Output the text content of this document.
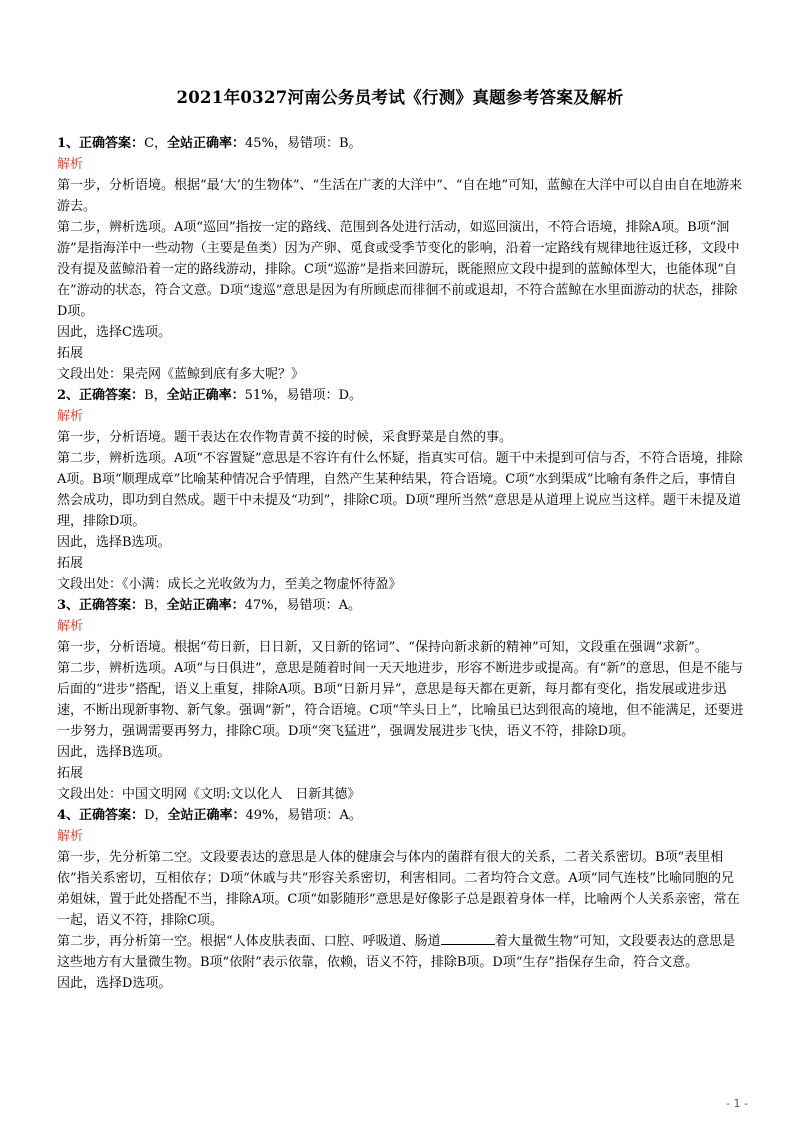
2021年0327河南公务员考试《行测》真题参考答案及解析

1、正确答案：C，全站正确率：45%，易错项：B。

解析

第一步，分析语境。根据“最‘大’的生物体”、“生活在广袤的大洋中”、“自在地”可知，蓝鲸在大洋中可以自由自在地游来游去。

第二步，辨析选项。A项“巡回”指按一定的路线、范围到各处进行活动，如巡回演出，不符合语境，排除A项。B项“洄游”是指海洋中一些动物（主要是鱼类）因为产卵、觅食或受季节变化的影响，沿着一定路线有规律地往返迁移，文段中没有提及蓝鲸沿着一定的路线游动，排除。C项“巡游”是指来回游玩，既能照应文段中提到的蓝鲸体型大，也能体现“自在”游动的状态，符合文意。D项“逡巡”意思是因为有所顾虑而徘徊不前或退却，不符合蓝鲸在水里面游动的状态，排除D项。

因此，选择C选项。

拓展

文段出处：果壳网《蓝鲸到底有多大呢？》

2、正确答案：B，全站正确率：51%，易错项：D。

解析

第一步，分析语境。题干表达在农作物青黄不接的时候，采食野菜是自然的事。

第二步，辨析选项。A项“不容置疑”意思是不容许有什么怀疑，指真实可信。题干中未提到可信与否，不符合语境，排除A项。B项“顺理成章”比喻某种情况合乎情理，自然产生某种结果，符合语境。C项“水到渠成”比喻有条件之后，事情自然会成功，即功到自然成。题干中未提及“功到”，排除C项。D项“理所当然”意思是从道理上说应当这样。题干未提及道理，排除D项。

因此，选择B选项。

拓展

文段出处：《小满：成长之光收敛为力，至美之物虚怀待盈》

3、正确答案：B，全站正确率：47%，易错项：A。

解析

第一步，分析语境。根据“苟日新，日日新，又日新的铭词”、“保持向新求新的精神”可知，文段重在强调“求新”。

第二步，辨析选项。A项“与日俱进”，意思是随着时间一天天地进步，形容不断进步或提高。有“新”的意思，但是不能与后面的“进步”搭配，语义上重复，排除A项。B项“日新月异”，意思是每天都在更新，每月都有变化，指发展或进步迅速，不断出现新事物、新气象。强调“新”，符合语境。C项“竿头日上”，比喻虽已达到很高的境地，但不能满足，还要进一步努力，强调需要再努力，排除C项。D项“突飞猛进”，强调发展进步飞快，语义不符，排除D项。

因此，选择B选项。

拓展

文段出处：中国文明网《文明:文以化人　日新其德》

4、正确答案：D，全站正确率：49%，易错项：A。

解析

第一步，先分析第二空。文段要表达的意思是人体的健康会与体内的菌群有很大的关系，二者关系密切。B项“表里相依”指关系密切，互相依存；D项“休戚与共”形容关系密切，利害相同。二者均符合文意。A项“同气连枝”比喻同胞的兄弟姐妹，置于此处搭配不当，排除A项。C项“如影随形”意思是好像影子总是跟着身体一样，比喻两个人关系亲密，常在一起，语义不符，排除C项。

第二步，再分析第一空。根据“人体皮肤表面、口腔、呼吸道、肠道	着大量微生物”可知，文段要表达的意思是这些地方有大量微生物。B项“依附”表示依靠，依赖，语义不符，排除B项。D项“生存”指保存生命，符合文意。

因此，选择D选项。

- 1 -
